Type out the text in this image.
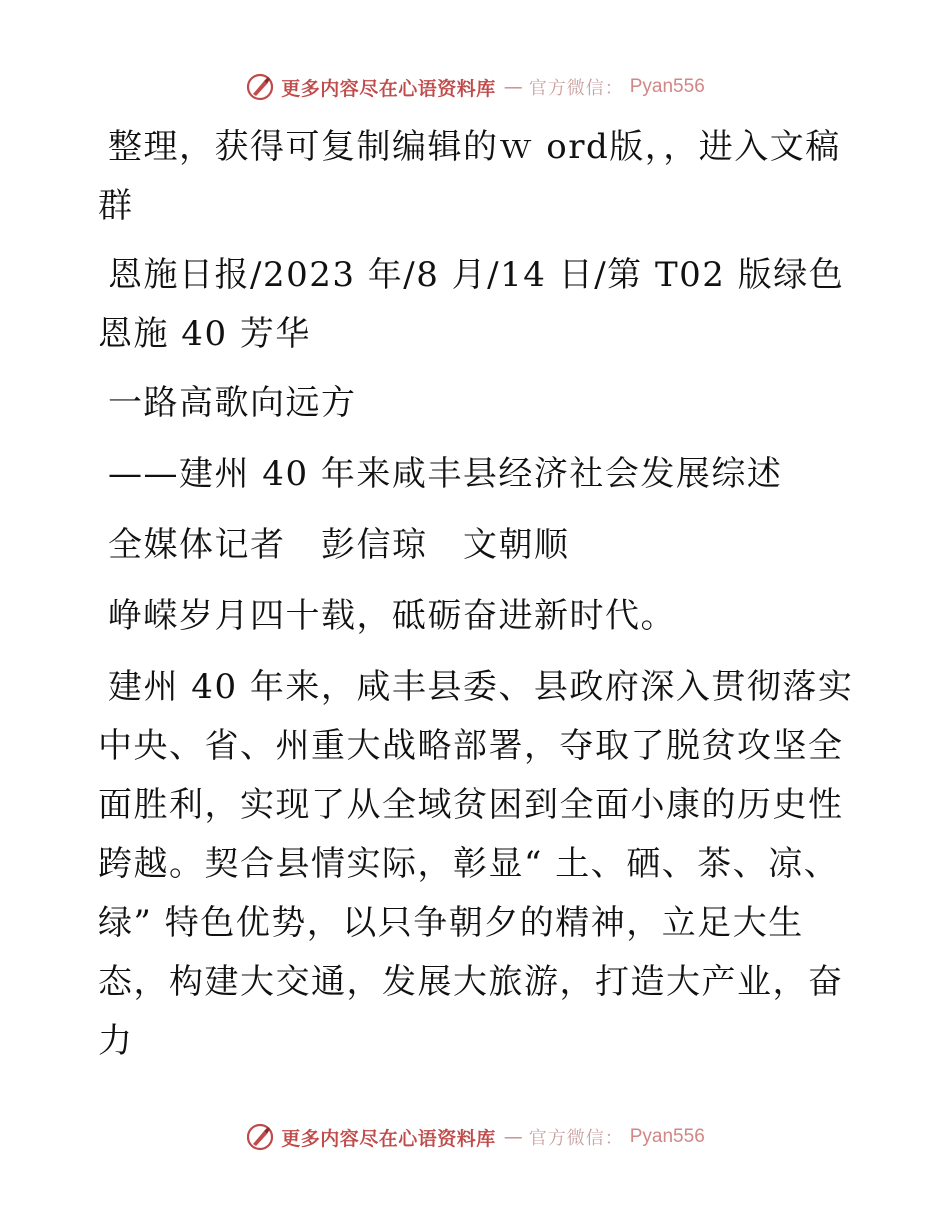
更多内容尽在心语资料库 — 官方微信： Pyan556

整理，获得可复制编辑的ｗ ord版，，进入文稿群

恩施日报/2023 年/8 月/14 日/第 T02 版绿色恩施 40 芳华

一路高歌向远方

——建州 40 年来咸丰县经济社会发展综述

全媒体记者　彭信琼　文朝顺

峥嵘岁月四十载，砥砺奋进新时代。

建州 40 年来，咸丰县委、县政府深入贯彻落实中央、省、州重大战略部署，夺取了脱贫攻坚全面胜利，实现了从全域贫困到全面小康的历史性跨越。契合县情实际，彰显“ 土、硒、茶、凉、绿” 特色优势，以只争朝夕的精神，立足大生态，构建大交通，发展大旅游，打造大产业，奋力

更多内容尽在心语资料库 — 官方微信： Pyan556
